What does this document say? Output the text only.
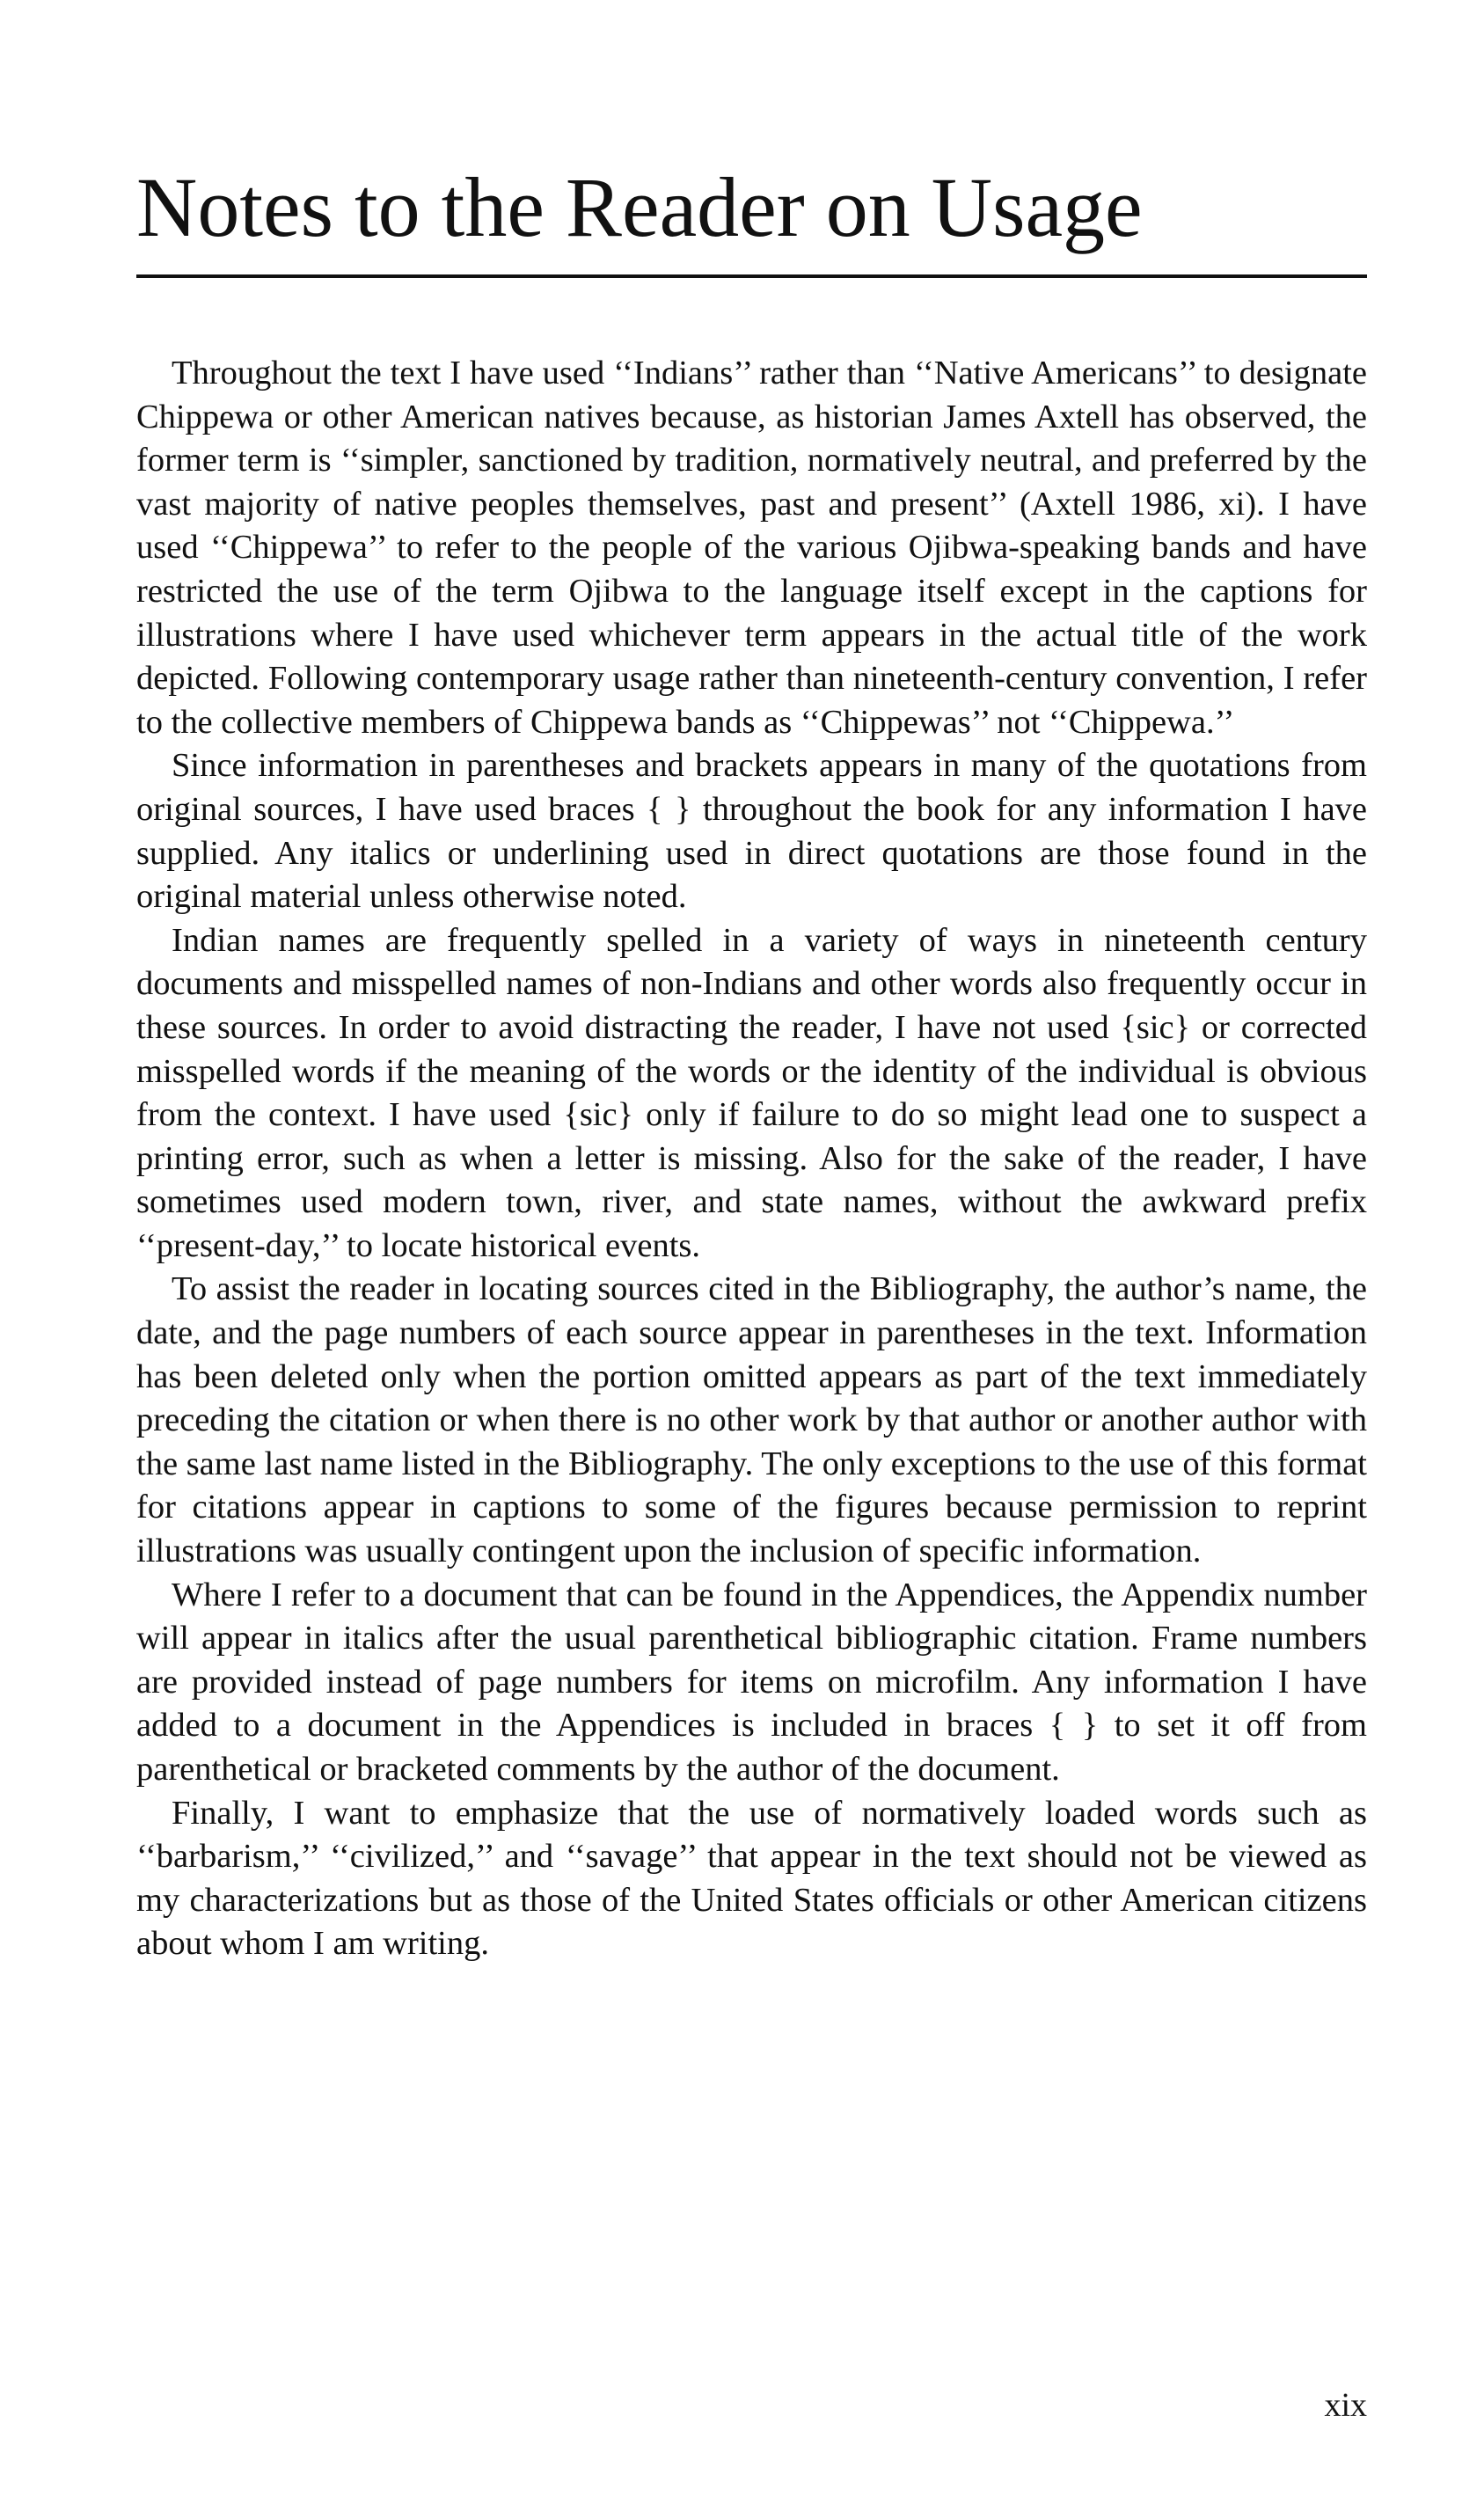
Notes to the Reader on Usage

Throughout the text I have used ‘‘Indians’’ rather than ‘‘Native Americans’’ to designate Chippewa or other American natives because, as historian James Axtell has observed, the former term is ‘‘simpler, sanctioned by tradition, normatively neutral, and preferred by the vast majority of native peoples themselves, past and present’’ (Axtell 1986, xi). I have used ‘‘Chippewa’’ to refer to the people of the various Ojibwa-speaking bands and have restricted the use of the term Ojibwa to the language itself except in the captions for illustrations where I have used whichever term appears in the actual title of the work depicted. Following contemporary usage rather than nineteenth-century convention, I refer to the collective members of Chippewa bands as ‘‘Chippewas’’ not ‘‘Chippewa.’’

Since information in parentheses and brackets appears in many of the quotations from original sources, I have used braces { } throughout the book for any information I have supplied. Any italics or underlining used in direct quotations are those found in the original material unless otherwise noted.

Indian names are frequently spelled in a variety of ways in nineteenth century documents and misspelled names of non-Indians and other words also frequently occur in these sources. In order to avoid distracting the reader, I have not used {sic} or corrected misspelled words if the meaning of the words or the identity of the individual is obvious from the context. I have used {sic} only if failure to do so might lead one to suspect a printing error, such as when a letter is missing. Also for the sake of the reader, I have sometimes used modern town, river, and state names, without the awkward prefix ‘‘present-day,’’ to locate historical events.

To assist the reader in locating sources cited in the Bibliography, the author’s name, the date, and the page numbers of each source appear in parentheses in the text. Information has been deleted only when the portion omitted appears as part of the text immediately preceding the citation or when there is no other work by that author or another author with the same last name listed in the Bibliography. The only exceptions to the use of this format for citations appear in captions to some of the figures because permission to reprint illustrations was usually contingent upon the inclusion of specific information.

Where I refer to a document that can be found in the Appendices, the Appendix number will appear in italics after the usual parenthetical bibliographic citation. Frame numbers are provided instead of page numbers for items on microfilm. Any information I have added to a document in the Appendices is included in braces { } to set it off from parenthetical or bracketed comments by the author of the document.

Finally, I want to emphasize that the use of normatively loaded words such as ‘‘barbarism,’’ ‘‘civilized,’’ and ‘‘savage’’ that appear in the text should not be viewed as my characterizations but as those of the United States officials or other American citizens about whom I am writing.

xix
